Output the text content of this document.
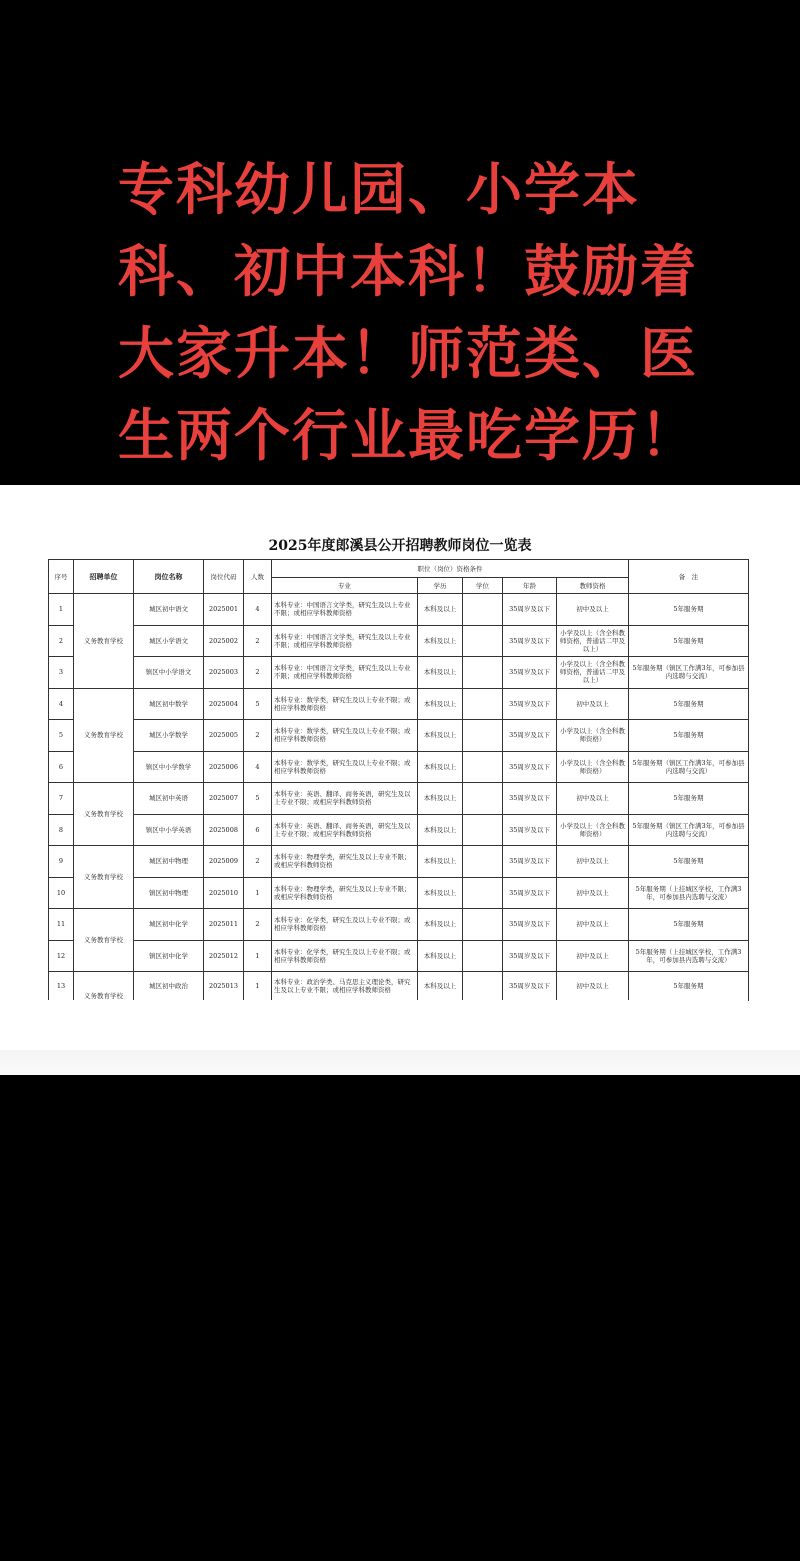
专科幼儿园、小学本
科、初中本科！鼓励着
大家升本！师范类、医
生两个行业最吃学历！
2025年度郎溪县公开招聘教师岗位一览表
序号	招聘单位	岗位名称	岗位代码	人数	职位（岗位）资格条件					备　注
					专业	学历	学位	年龄	教师资格	
1	义务教育学校	城区初中语文	2025001	4	本科专业：中国语言文学类，研究生及以上专业不限；或相应学科教师资格	本科及以上		35周岁及以下	初中及以上	5年服务期
2		城区小学语文	2025002	2	本科专业：中国语言文学类，研究生及以上专业不限；或相应学科教师资格	本科及以上		35周岁及以下	小学及以上（含全科教师资格，普通话二甲及以上）	5年服务期
3		镇区中小学语文	2025003	2	本科专业：中国语言文学类，研究生及以上专业不限；或相应学科教师资格	本科及以上		35周岁及以下	小学及以上（含全科教师资格，普通话二甲及以上）	5年服务期（镇区工作满3年，可参加县内选聘与交流）
4	义务教育学校	城区初中数学	2025004	5	本科专业：数学类，研究生及以上专业不限；或相应学科教师资格	本科及以上		35周岁及以下	初中及以上	5年服务期
5		城区小学数学	2025005	2	本科专业：数学类，研究生及以上专业不限；或相应学科教师资格	本科及以上		35周岁及以下	小学及以上（含全科教师资格）	5年服务期
6		镇区中小学数学	2025006	4	本科专业：数学类，研究生及以上专业不限；或相应学科教师资格	本科及以上		35周岁及以下	小学及以上（含全科教师资格）	5年服务期（镇区工作满3年，可参加县内选聘与交流）
7	义务教育学校	城区初中英语	2025007	5	本科专业：英语、翻译、商务英语，研究生及以上专业不限；或相应学科教师资格	本科及以上		35周岁及以下	初中及以上	5年服务期
8		镇区中小学英语	2025008	6	本科专业：英语、翻译、商务英语，研究生及以上专业不限；或相应学科教师资格	本科及以上		35周岁及以下	小学及以上（含全科教师资格）	5年服务期（镇区工作满3年，可参加县内选聘与交流）
9	义务教育学校	城区初中物理	2025009	2	本科专业：物理学类，研究生及以上专业不限；或相应学科教师资格	本科及以上		35周岁及以下	初中及以上	5年服务期
10		镇区初中物理	2025010	1	本科专业：物理学类，研究生及以上专业不限；或相应学科教师资格	本科及以上		35周岁及以下	初中及以上	5年服务期（上挂城区学校，工作满3年，可参加县内选聘与交流）
11	义务教育学校	城区初中化学	2025011	2	本科专业：化学类，研究生及以上专业不限；或相应学科教师资格	本科及以上		35周岁及以下	初中及以上	5年服务期
12		镇区初中化学	2025012	1	本科专业：化学类，研究生及以上专业不限；或相应学科教师资格	本科及以上		35周岁及以下	初中及以上	5年服务期（上挂城区学校，工作满3年，可参加县内选聘与交流）
13	义务教育学校	城区初中政治	2025013	1	本科专业：政治学类、马克思主义理论类，研究生及以上专业不限；或相应学科教师资格	本科及以上		35周岁及以下	初中及以上	5年服务期
